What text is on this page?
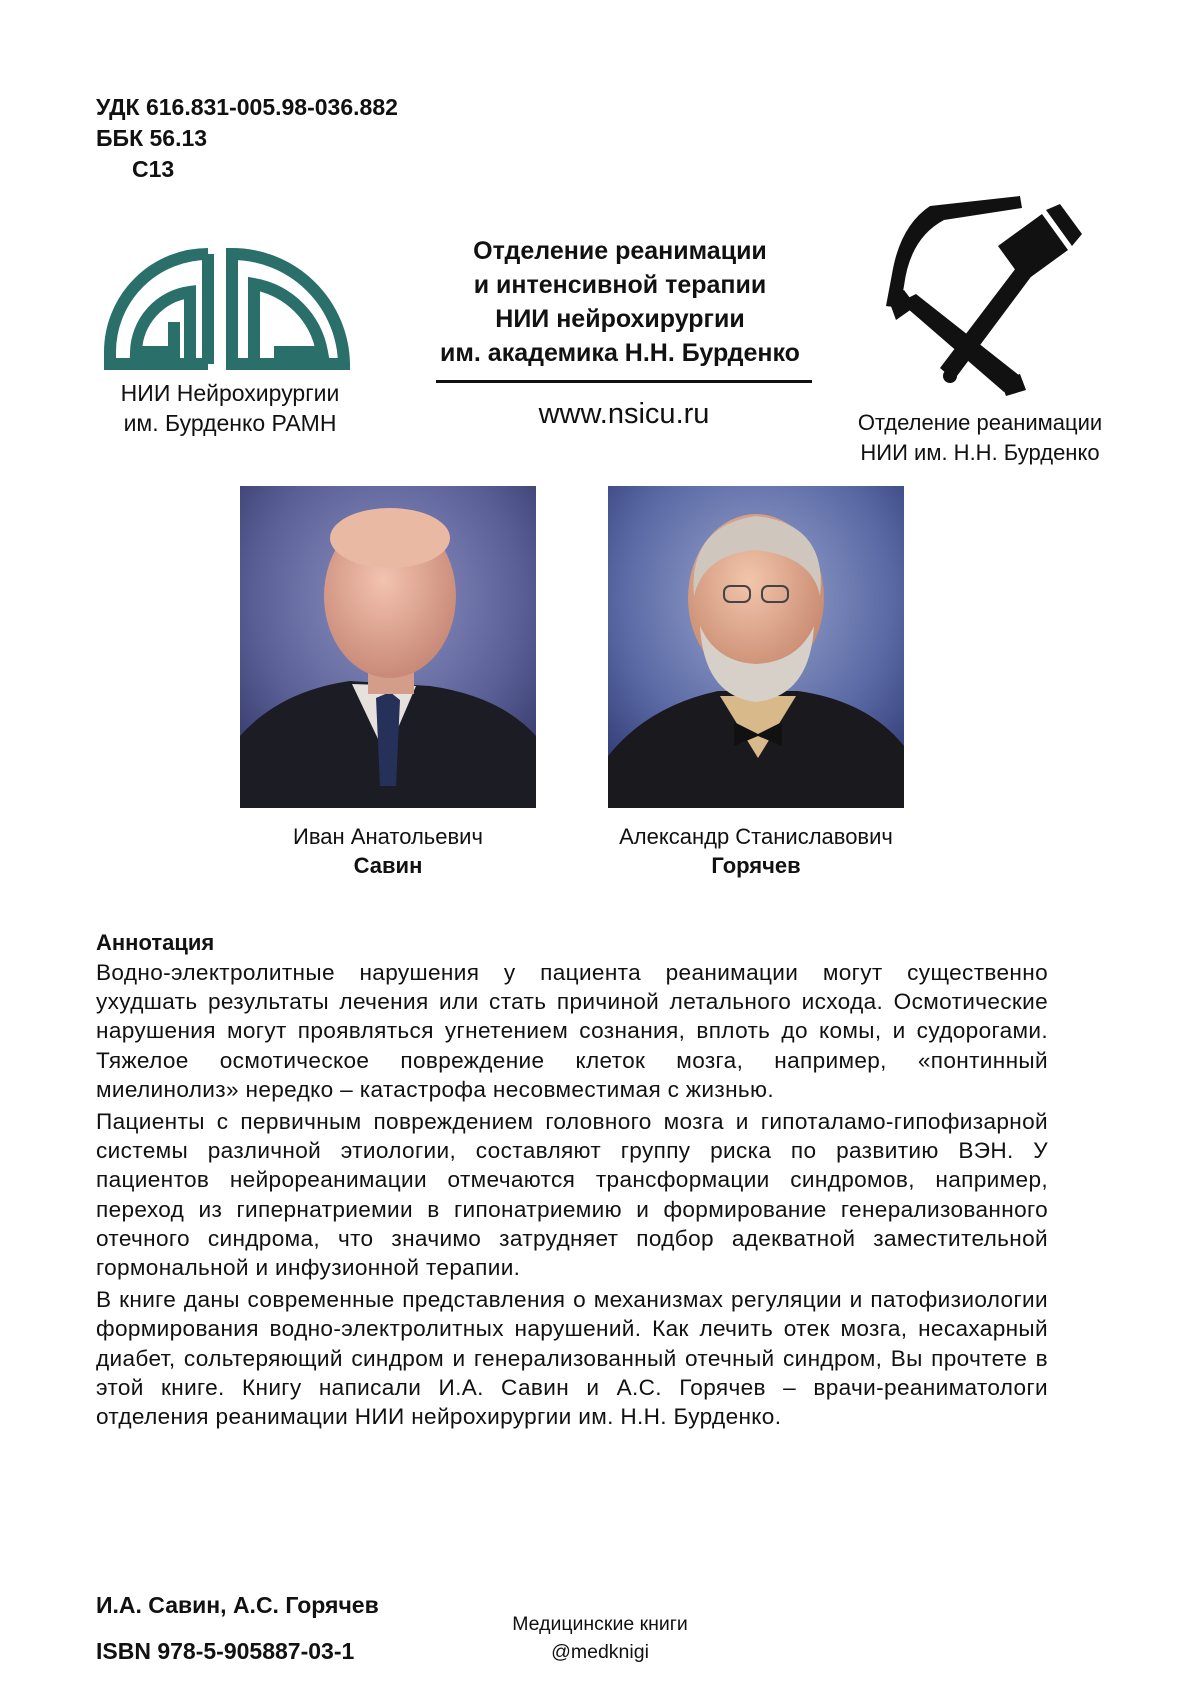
УДК 616.831-005.98-036.882
ББК 56.13
С13
НИИ Нейрохирургии
им. Бурденко РАМН
Отделение реанимации
и интенсивной терапии
НИИ нейрохирургии
им. академика Н.Н. Бурденко
www.nsicu.ru	Отделение реанимации
НИИ им. Н.Н. Бурденко
Иван Анатольевич
Савин
Александр Станиславович
Горячев
Аннотация

Водно-электролитные нарушения у пациента реанимации могут существенно ухудшать результаты лечения или стать причиной летального исхода. Осмотические нарушения могут проявляться угнетением сознания, вплоть до комы, и судорогами. Тяжелое осмотическое повреждение клеток мозга, например, «понтинный миелинолиз» нередко – катастрофа несовместимая с жизнью.

Пациенты с первичным повреждением головного мозга и гипоталамо-гипофизарной системы различной этиологии, составляют группу риска по развитию ВЭН. У пациентов нейрореанимации отмечаются трансформации синдромов, например, переход из гипернатриемии в гипонатриемию и формирование генерализованного отечного синдрома, что значимо затрудняет подбор адекватной заместительной гормональной и инфузионной терапии.

В книге даны современные представления о механизмах регуляции и патофизиологии формирования водно-электролитных нарушений. Как лечить отек мозга, несахарный диабет, сольтеряющий синдром и генерализованный отечный синдром, Вы прочтете в этой книге. Книгу написали И.А. Савин и А.С. Горячев – врачи-реаниматологи отделения реанимации НИИ нейрохирургии им. Н.Н. Бурденко.

И.А. Савин, А.С. Горячев
ISBN 978-5-905887-03-1
Медицинские книги
@medknigi
